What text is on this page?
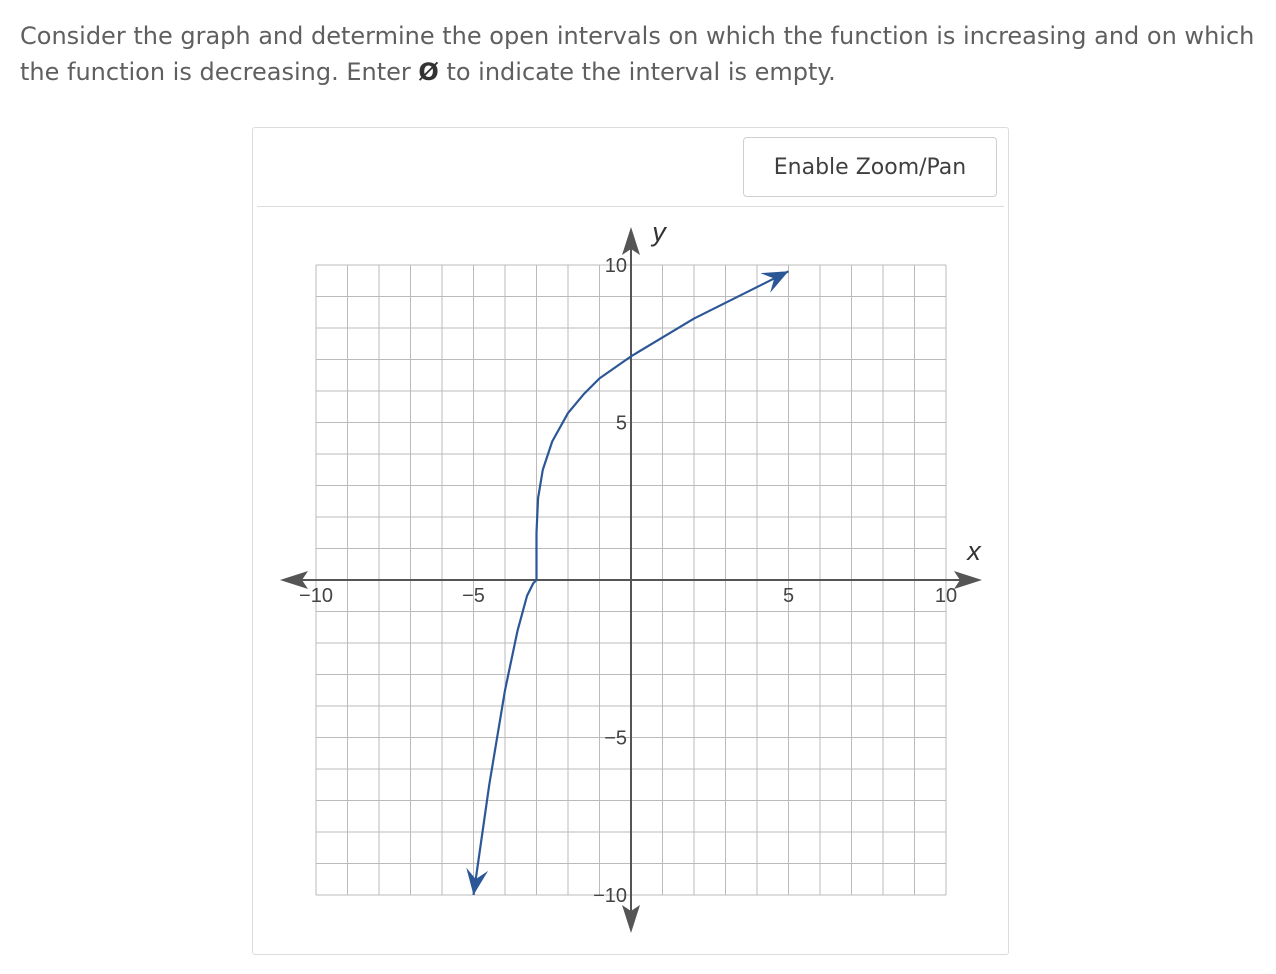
Consider the graph and determine the open intervals on which the function is increasing and on which the function is decreasing. Enter Ø to indicate the interval is empty.

Enable Zoom/Pan
−10	−5	5	10
10
5
−5
−10
x
y
